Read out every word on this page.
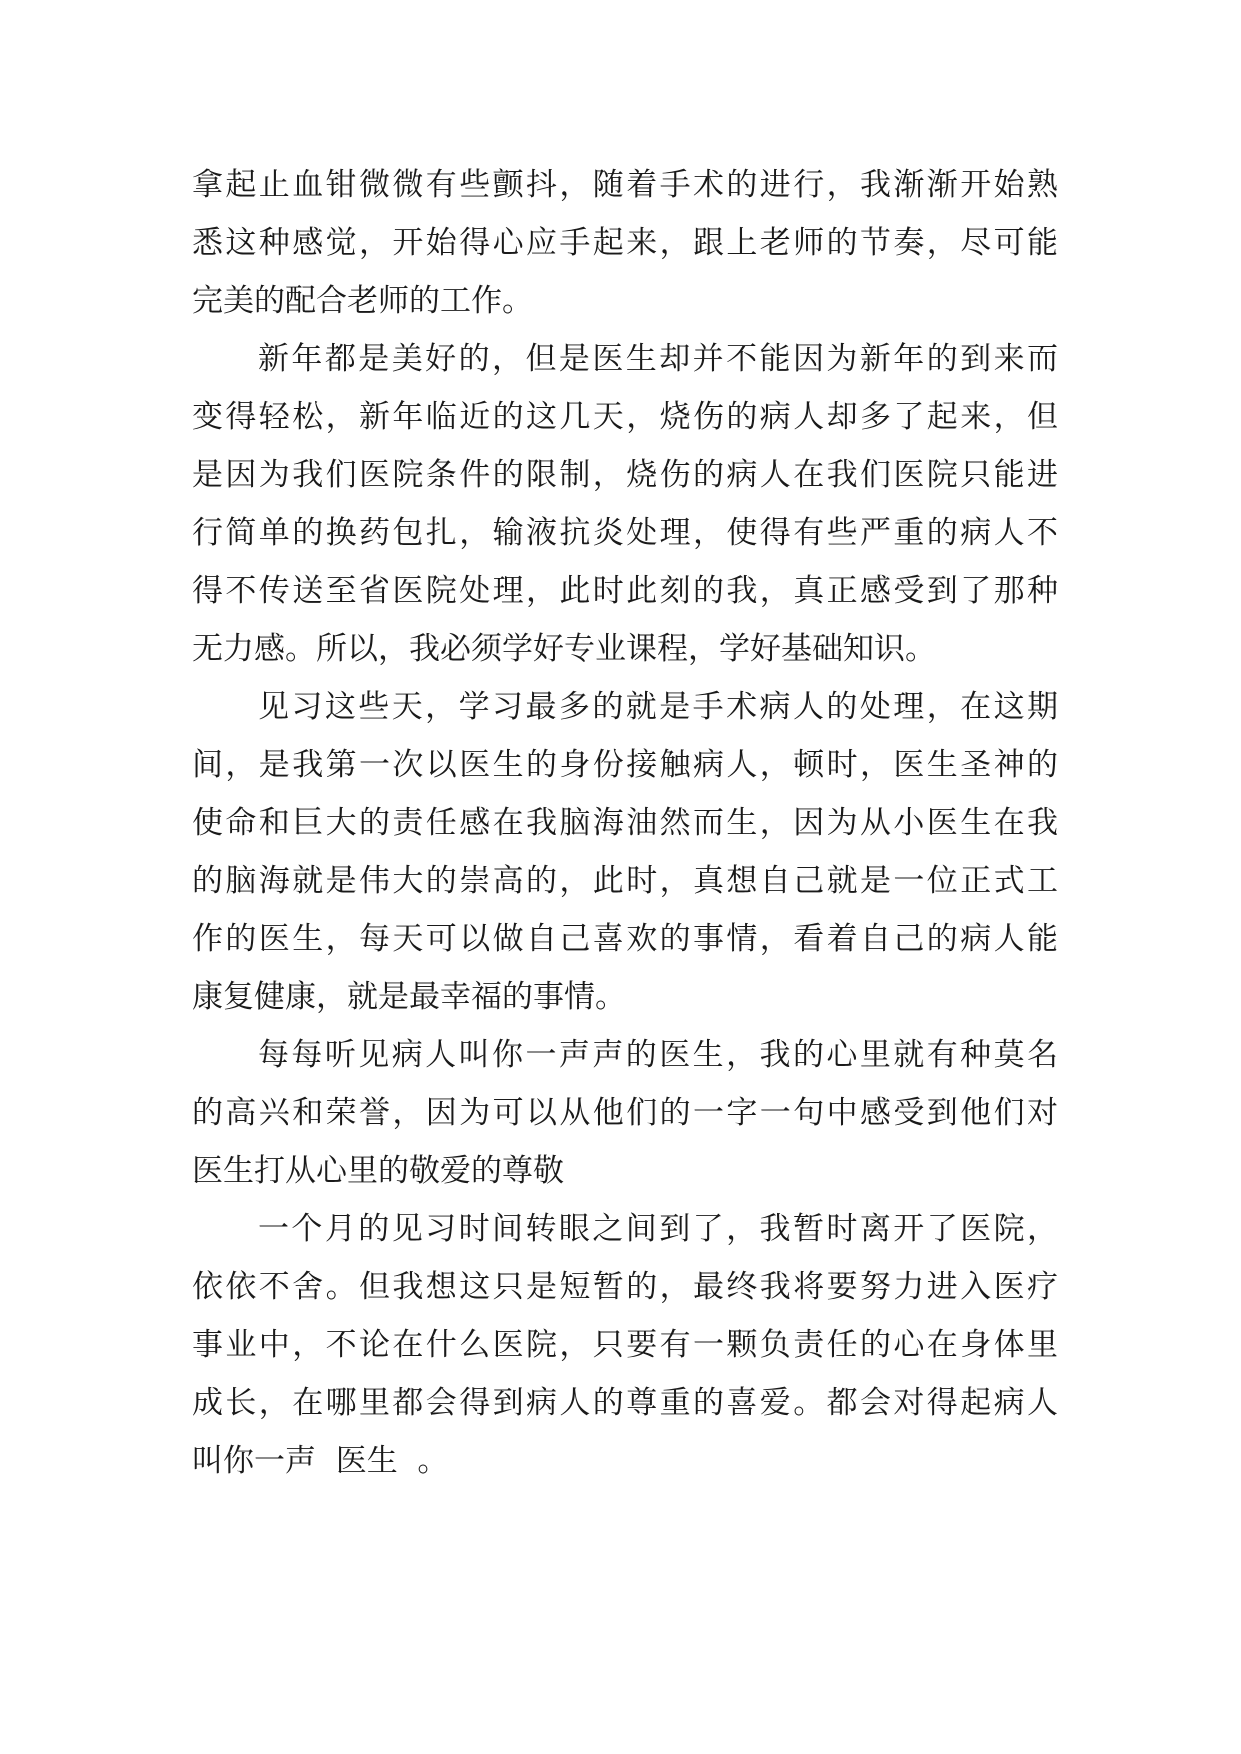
拿起止血钳微微有些颤抖，随着手术的进行，我渐渐开始熟
悉这种感觉，开始得心应手起来，跟上老师的节奏，尽可能
完美的配合老师的工作。
新年都是美好的，但是医生却并不能因为新年的到来而
变得轻松，新年临近的这几天，烧伤的病人却多了起来，但
是因为我们医院条件的限制，烧伤的病人在我们医院只能进
行简单的换药包扎，输液抗炎处理，使得有些严重的病人不
得不传送至省医院处理，此时此刻的我，真正感受到了那种
无力感。所以，我必须学好专业课程，学好基础知识。
见习这些天，学习最多的就是手术病人的处理，在这期
间，是我第一次以医生的身份接触病人，顿时，医生圣神的
使命和巨大的责任感在我脑海油然而生，因为从小医生在我
的脑海就是伟大的崇高的，此时，真想自己就是一位正式工
作的医生，每天可以做自己喜欢的事情，看着自己的病人能
康复健康，就是最幸福的事情。
每每听见病人叫你一声声的医生，我的心里就有种莫名
的高兴和荣誉，因为可以从他们的一字一句中感受到他们对
医生打从心里的敬爱的尊敬
一个月的见习时间转眼之间到了，我暂时离开了医院，
依依不舍。但我想这只是短暂的，最终我将要努力进入医疗
事业中，不论在什么医院，只要有一颗负责任的心在身体里
成长，在哪里都会得到病人的尊重的喜爱。都会对得起病人
叫你一声  医生  。
